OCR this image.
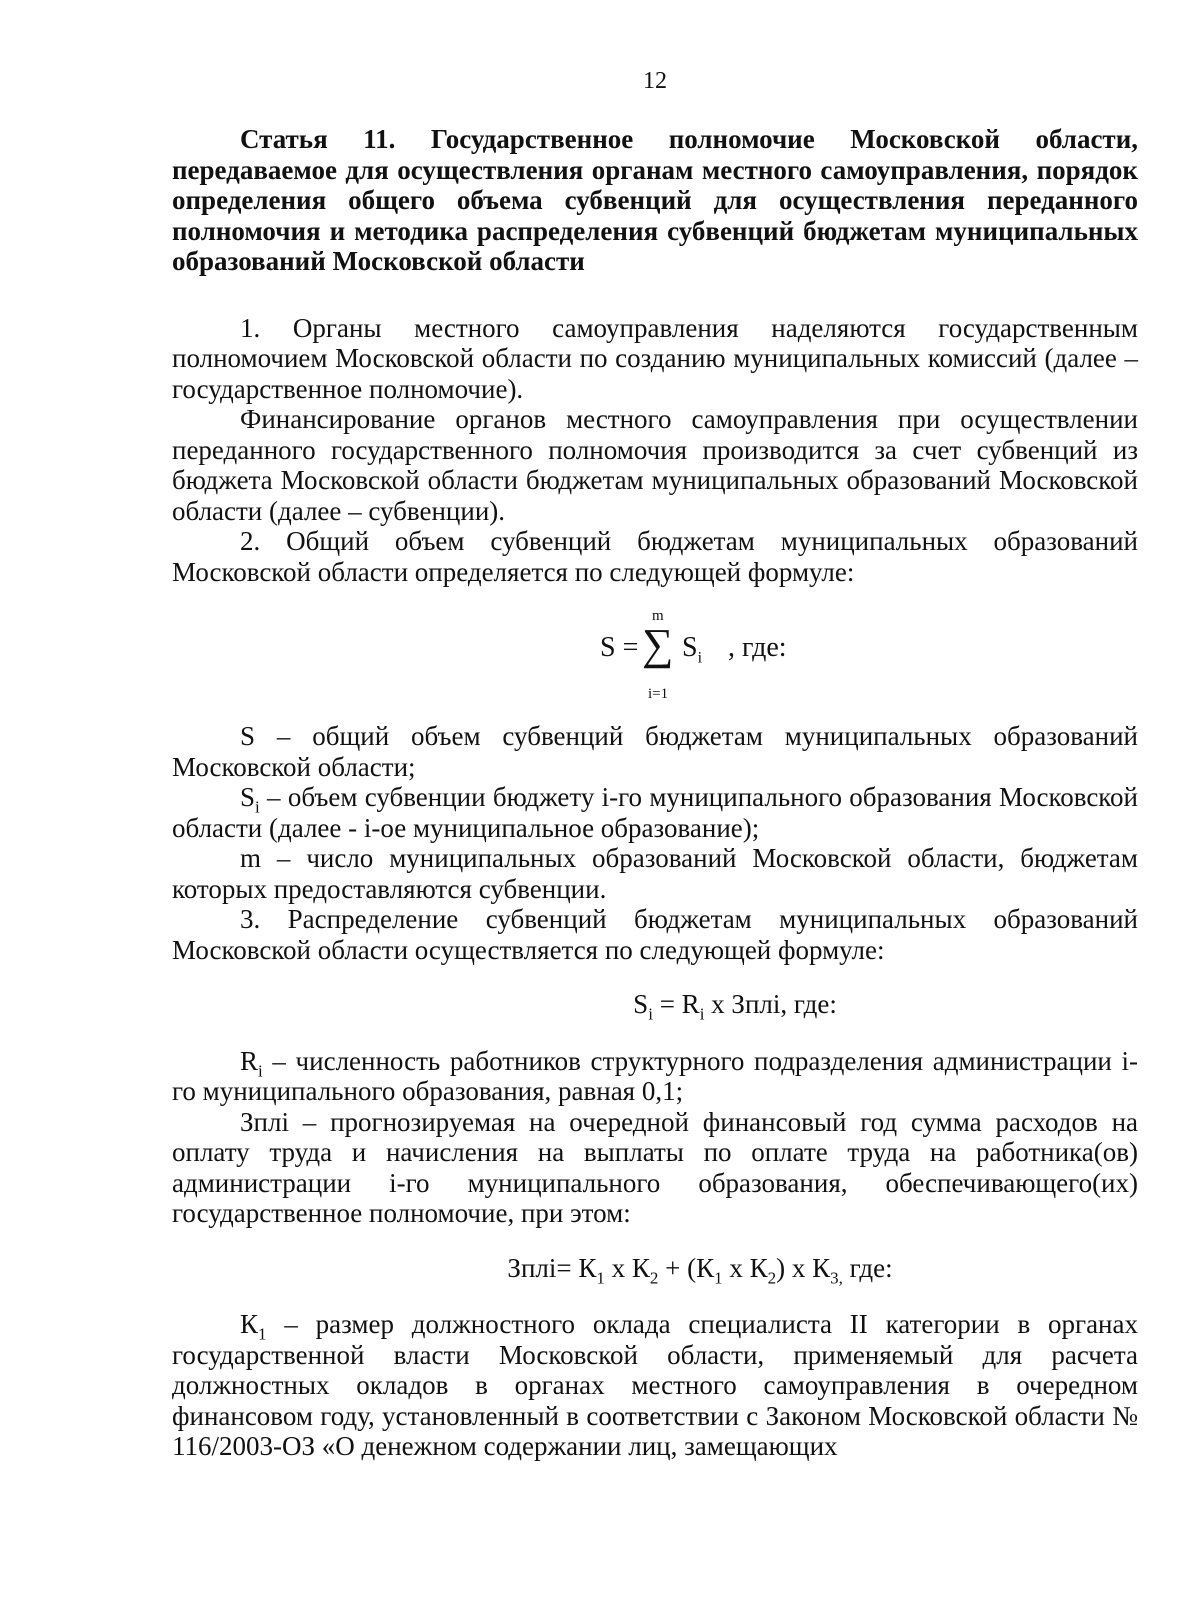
12

Статья 11. Государственное полномочие Московской области, передаваемое для осуществления органам местного самоуправления, порядок определения общего объема субвенций для осуществления переданного полномочия и методика распределения субвенций бюджетам муниципальных образований Московской области

1. Органы местного самоуправления наделяются государственным полномочием Московской области по созданию муниципальных комиссий (далее – государственное полномочие).

Финансирование органов местного самоуправления при осуществлении переданного государственного полномочия производится за счет субвенций из бюджета Московской области бюджетам муниципальных образований Московской области (далее – субвенции).

2. Общий объем субвенций бюджетам муниципальных образований Московской области определяется по следующей формуле:

S =
m
∑
i=1
$S_i$ , где:

S – общий объем субвенций бюджетам муниципальных образований Московской области;

$S_i$ – объем субвенции бюджету i-го муниципального образования Московской области (далее - i-ое муниципальное образование);

m – число муниципальных образований Московской области, бюджетам которых предоставляются субвенции.

3. Распределение субвенций бюджетам муниципальных образований Московской области осуществляется по следующей формуле:

$S_i = R_i$ x Зплi, где:

$R_i$ – численность работников структурного подразделения администрации i-го муниципального образования, равная 0,1;

Зплi – прогнозируемая на очередной финансовый год сумма расходов на оплату труда и начисления на выплаты по оплате труда на работника(ов) администрации i-го муниципального образования, обеспечивающего(их) государственное полномочие, при этом:

Зплi= $К_1$ х $К_2 + (К_1$ х $К_2$) х $К_{3,}$ где:

$К_1$ – размер должностного оклада специалиста II категории в органах государственной власти Московской области, применяемый для расчета должностных окладов в органах местного самоуправления в очередном финансовом году, установленный в соответствии с Законом Московской области № 116/2003-ОЗ «О денежном содержании лиц, замещающих
